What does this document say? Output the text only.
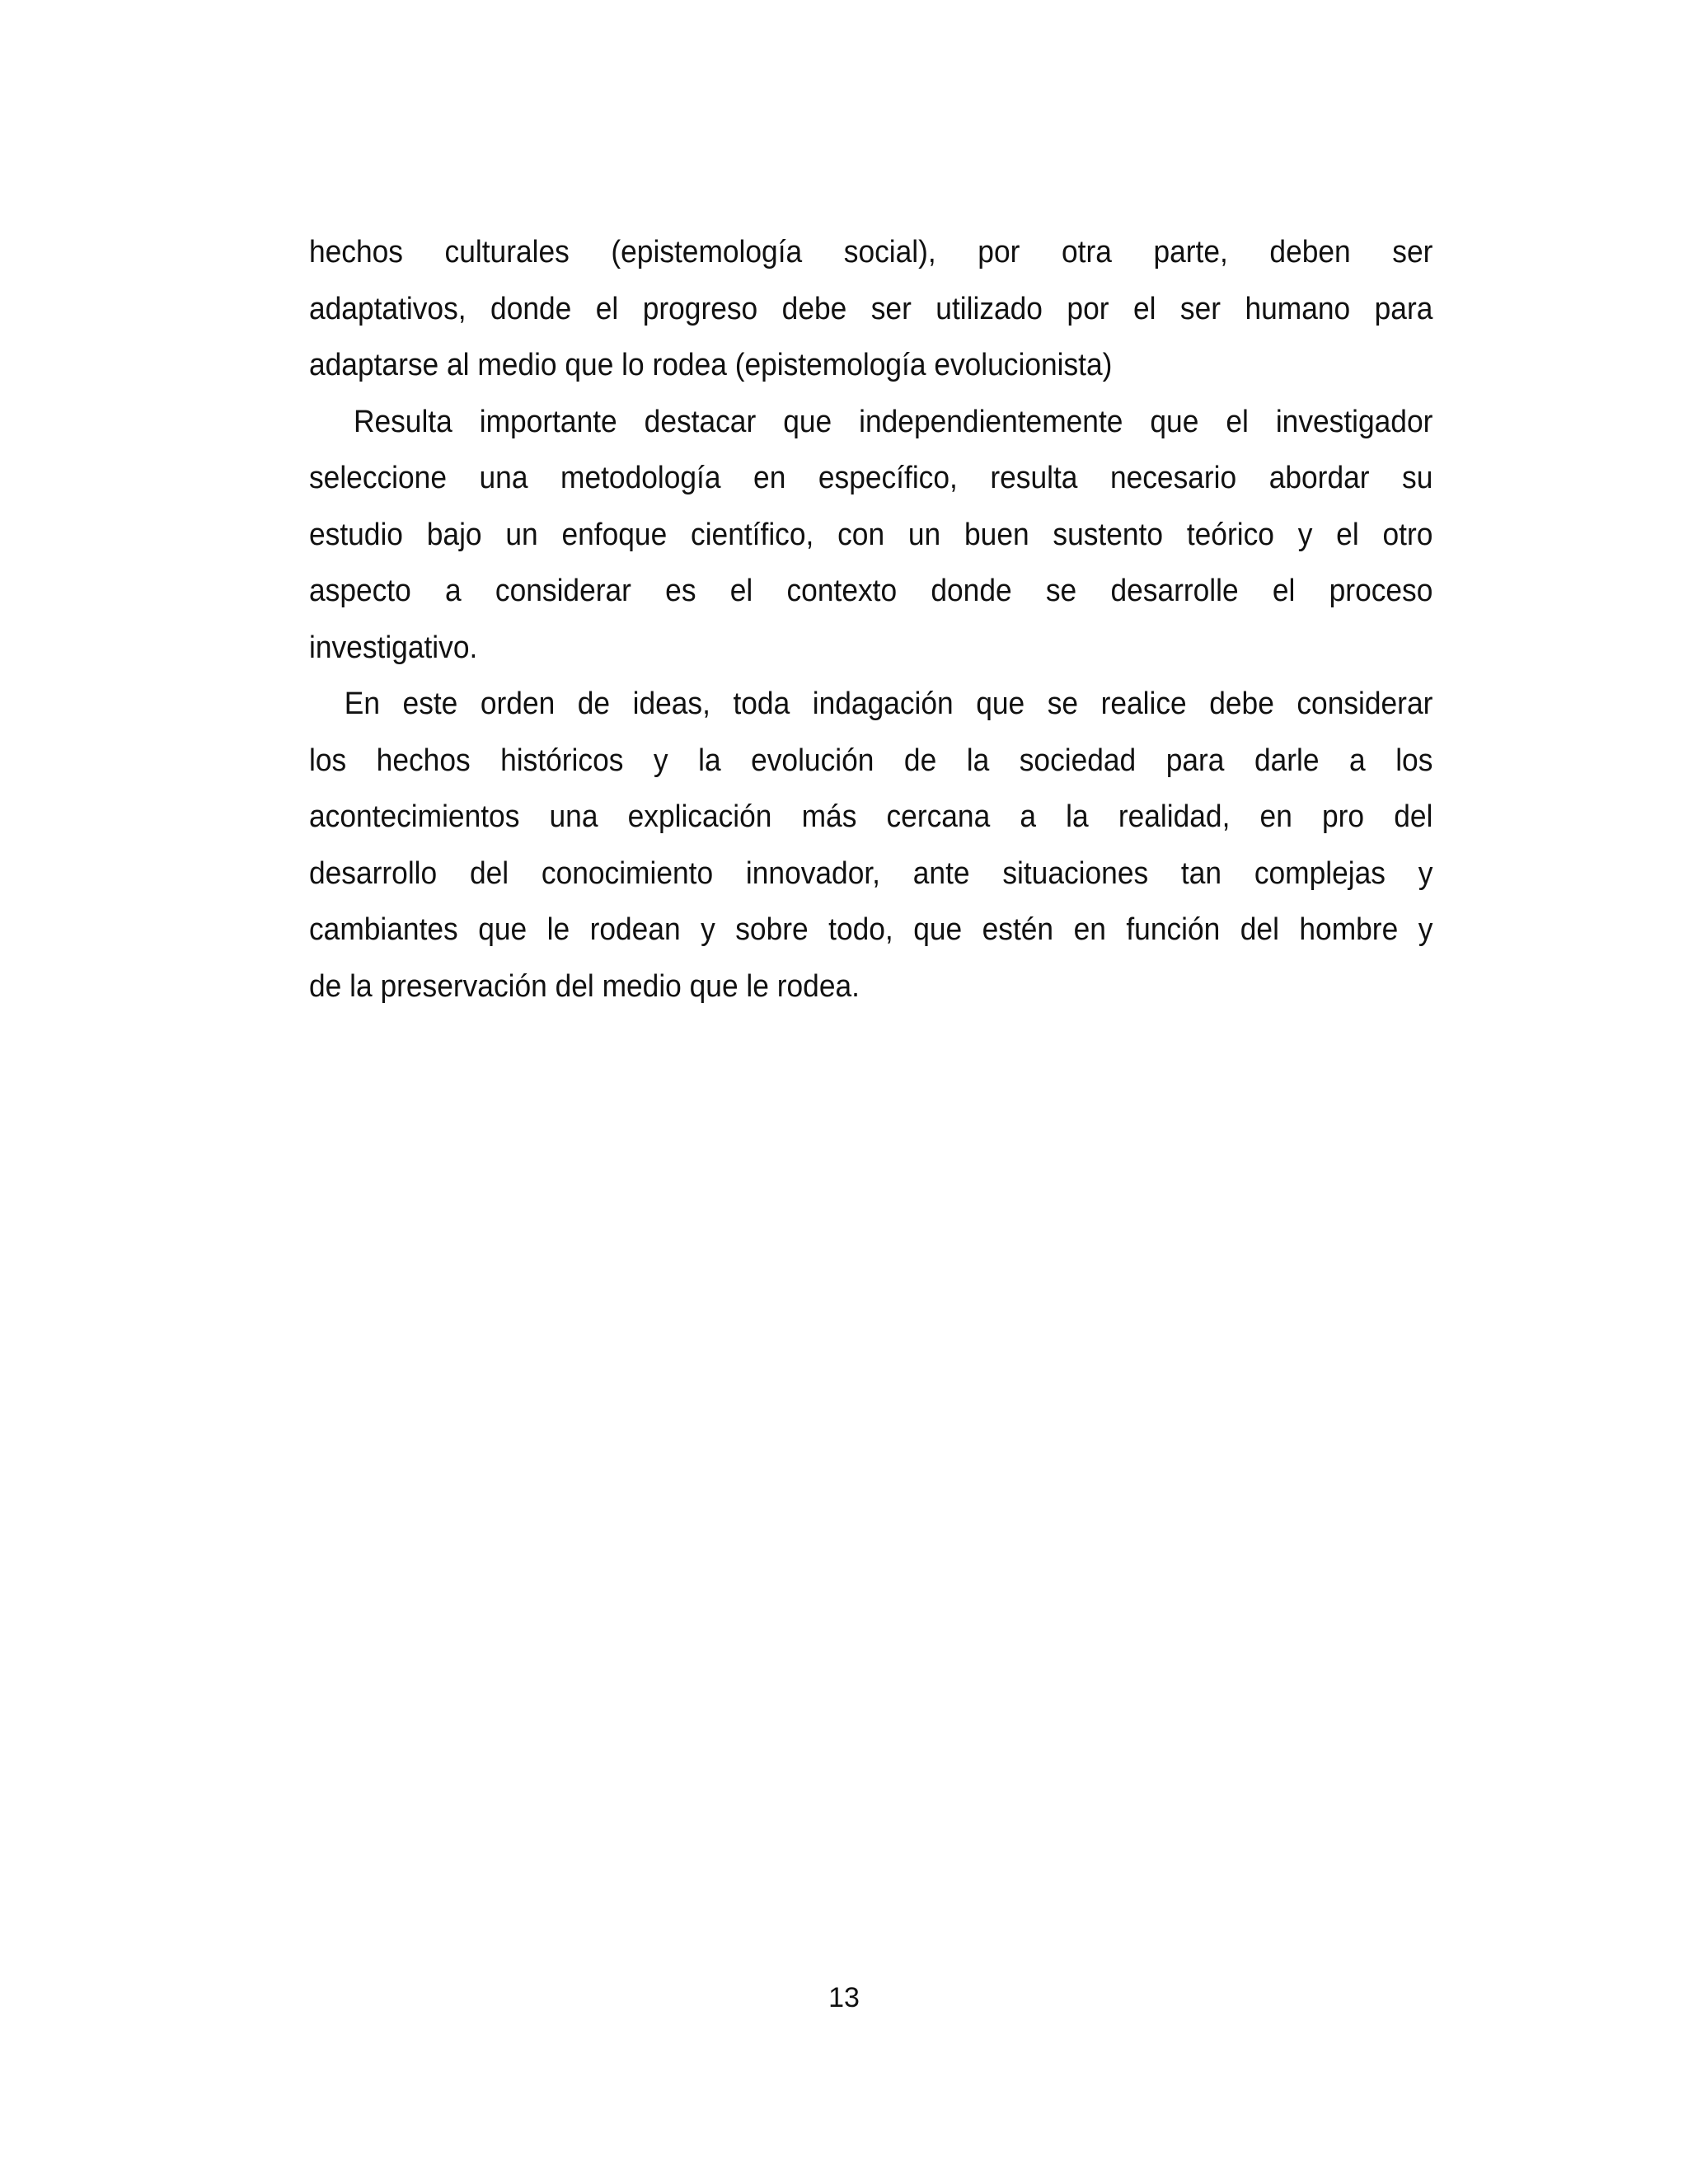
hechos culturales (epistemología social), por otra parte, deben ser
adaptativos, donde el progreso debe ser utilizado por el ser humano para
adaptarse al medio que lo rodea (epistemología evolucionista)
Resulta importante destacar que independientemente que el investigador
seleccione una metodología en específico, resulta necesario abordar su
estudio bajo un enfoque científico, con un buen sustento teórico y el otro
aspecto a considerar es el contexto donde se desarrolle el proceso
investigativo.
En este orden de ideas, toda indagación que se realice debe considerar
los hechos históricos y la evolución de la sociedad para darle a los
acontecimientos una explicación más cercana a la realidad, en pro del
desarrollo del conocimiento innovador, ante situaciones tan complejas y
cambiantes que le rodean y sobre todo, que estén en función del hombre y
de la preservación del medio que le rodea.
13
